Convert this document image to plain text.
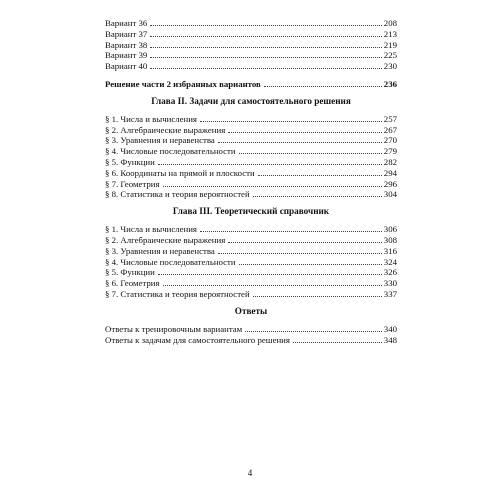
Вариант 36	208
Вариант 37	213
Вариант 38	219
Вариант 39	225
Вариант 40	230
Решение части 2 избранных вариантов	236
Глава II. Задачи для самостоятельного решения
§ 1. Числа и вычисления	257
§ 2. Алгебраические выражения	267
§ 3. Уравнения и неравенства	270
§ 4. Числовые последовательности	279
§ 5. Функции	282
§ 6. Координаты на прямой и плоскости	294
§ 7. Геометрия	296
§ 8. Статистика и теория вероятностей	304
Глава III. Теоретический справочник
§ 1. Числа и вычисления	306
§ 2. Алгебраические выражения	308
§ 3. Уравнения и неравенства	316
§ 4. Числовые последовательности	324
§ 5. Функции	326
§ 6. Геометрия	330
§ 7. Статистика и теория вероятностей	337
Ответы
Ответы к тренировочным вариантам	340
Ответы к задачам для самостоятельного решения	348
4
